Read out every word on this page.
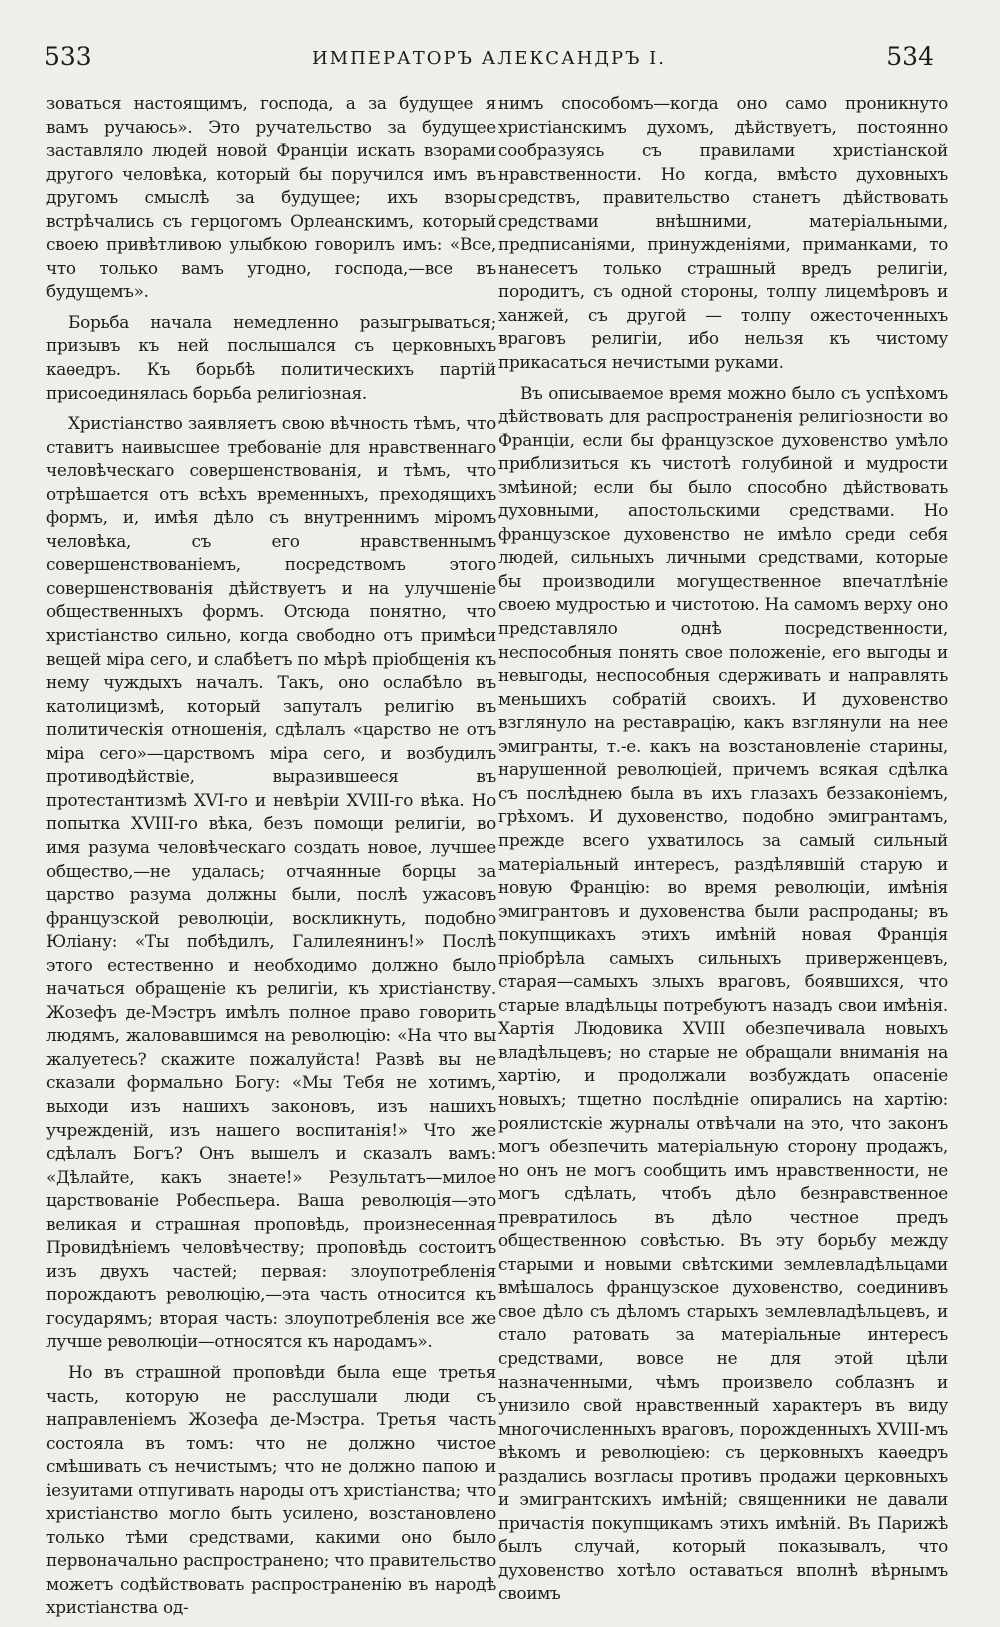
533	ИМПЕРАТОРЪ АЛЕКСАНДРЪ I.	534

зоваться настоящимъ, господа, а за будущее я вамъ ручаюсь». Это ручательство за будущее заставляло людей новой Франціи искать взорами другого человѣка, который бы поручился имъ въ другомъ смыслѣ за будущее; ихъ взоры встрѣчались съ герцогомъ Орлеанскимъ, который своею привѣтливою улыбкою говорилъ имъ: «Все, что только вамъ угодно, господа,—все въ будущемъ».

Борьба начала немедленно разыгрываться; призывъ къ ней послышался съ церковныхъ каѳедръ. Къ борьбѣ политическихъ партій присоединялась борьба религіозная.

Христіанство заявляетъ свою вѣчность тѣмъ, что ставитъ наивысшее требованіе для нравственнаго человѣческаго совершенствованія, и тѣмъ, что отрѣшается отъ всѣхъ временныхъ, преходящихъ формъ, и, имѣя дѣло съ внутреннимъ міромъ человѣка, съ его нравственнымъ совершенствованіемъ, посредствомъ этого совершенствованія дѣйствуетъ и на улучшеніе общественныхъ формъ. Отсюда понятно, что христіанство сильно, когда свободно отъ примѣси вещей міра сего, и слабѣетъ по мѣрѣ пріобщенія къ нему чуждыхъ началъ. Такъ, оно ослабѣло въ католицизмѣ, который запуталъ религію въ политическія отношенія, сдѣлалъ «царство не отъ міра сего»—царствомъ міра сего, и возбудилъ противодѣйствіе, выразившееся въ протестантизмѣ XVI-го и невѣріи XVIII-го вѣка. Но попытка XVIII-го вѣка, безъ помощи религіи, во имя разума человѣческаго создать новое, лучшее общество,—не удалась; отчаянные борцы за царство разума должны были, послѣ ужасовъ французской революціи, воскликнуть, подобно Юліану: «Ты побѣдилъ, Галилеянинъ!» Послѣ этого естественно и необходимо должно было начаться обращеніе къ религіи, къ христіанству. Жозефъ де-Мэстръ имѣлъ полное право говорить людямъ, жаловавшимся на революцію: «На что вы жалуетесь? скажите пожалуйста! Развѣ вы не сказали формально Богу: «Мы Тебя не хотимъ, выходи изъ нашихъ законовъ, изъ нашихъ учрежденій, изъ нашего воспитанія!» Что же сдѣлалъ Богъ? Онъ вышелъ и сказалъ вамъ: «Дѣлайте, какъ знаете!» Результатъ—милое царствованіе Робеспьера. Ваша революція—это великая и страшная проповѣдь, произнесенная Провидѣніемъ человѣчеству; проповѣдь состоитъ изъ двухъ частей; первая: злоупотребленія порождаютъ революцію,—эта часть относится къ государямъ; вторая часть: злоупотребленія все же лучше революціи—относятся къ народамъ».

Но въ страшной проповѣди была еще третья часть, которую не расслушали люди съ направленіемъ Жозефа де-Мэстра. Третья часть состояла въ томъ: что не должно чистое смѣшивать съ нечистымъ; что не должно папою и іезуитами отпугивать народы отъ христіанства; что христіанство могло быть усилено, возстановлено только тѣми средствами, какими оно было первоначально распространено; что правительство можетъ содѣйствовать распространенію въ народѣ христіанства од-

нимъ способомъ—когда оно само проникнуто христіанскимъ духомъ, дѣйствуетъ, постоянно сообразуясь съ правилами христіанской нравственности. Но когда, вмѣсто духовныхъ средствъ, правительство станетъ дѣйствовать средствами внѣшними, матеріальными, предписаніями, принужденіями, приманками, то нанесетъ только страшный вредъ религіи, породитъ, съ одной стороны, толпу лицемѣровъ и ханжей, съ другой — толпу ожесточенныхъ враговъ религіи, ибо нельзя къ чистому прикасаться нечистыми руками.

Въ описываемое время можно было съ успѣхомъ дѣйствовать для распространенія религіозности во Франціи, если бы французское духовенство умѣло приблизиться къ чистотѣ голубиной и мудрости змѣиной; если бы было способно дѣйствовать духовными, апостольскими средствами. Но французское духовенство не имѣло среди себя людей, сильныхъ личными средствами, которые бы производили могущественное впечатлѣніе своею мудростью и чистотою. На самомъ верху оно представляло однѣ посредственности, неспособныя понять свое положеніе, его выгоды и невыгоды, неспособныя сдерживать и направлять меньшихъ собратій своихъ. И духовенство взглянуло на реставрацію, какъ взглянули на нее эмигранты, т.-е. какъ на возстановленіе старины, нарушенной революціей, причемъ всякая сдѣлка съ послѣднею была въ ихъ глазахъ беззаконіемъ, грѣхомъ. И духовенство, подобно эмигрантамъ, прежде всего ухватилось за самый сильный матеріальный интересъ, раздѣлявшій старую и новую Францію: во время революціи, имѣнія эмигрантовъ и духовенства были распроданы; въ покупщикахъ этихъ имѣній новая Франція пріобрѣла самыхъ сильныхъ приверженцевъ, старая—самыхъ злыхъ враговъ, боявшихся, что старые владѣльцы потребуютъ назадъ свои имѣнія. Хартія Людовика XVIII обезпечивала новыхъ владѣльцевъ; но старые не обращали вниманія на хартію, и продолжали возбуждать опасеніе новыхъ; тщетно послѣдніе опирались на хартію: роялистскіе журналы отвѣчали на это, что законъ могъ обезпечить матеріальную сторону продажъ, но онъ не могъ сообщить имъ нравственности, не могъ сдѣлать, чтобъ дѣло безнравственное превратилось въ дѣло честное предъ общественною совѣстью. Въ эту борьбу между старыми и новыми свѣтскими землевладѣльцами вмѣшалось французское духовенство, соединивъ свое дѣло съ дѣломъ старыхъ землевладѣльцевъ, и стало ратовать за матеріальные интересъ средствами, вовсе не для этой цѣли назначенными, чѣмъ произвело соблазнъ и унизило свой нравственный характеръ въ виду многочисленныхъ враговъ, порожденныхъ XVIII-мъ вѣкомъ и революціею: съ церковныхъ каѳедръ раздались возгласы противъ продажи церковныхъ и эмигрантскихъ имѣній; священники не давали причастія покупщикамъ этихъ имѣній. Въ Парижѣ былъ случай, который показывалъ, что духовенство хотѣло оставаться вполнѣ вѣрнымъ своимъ
